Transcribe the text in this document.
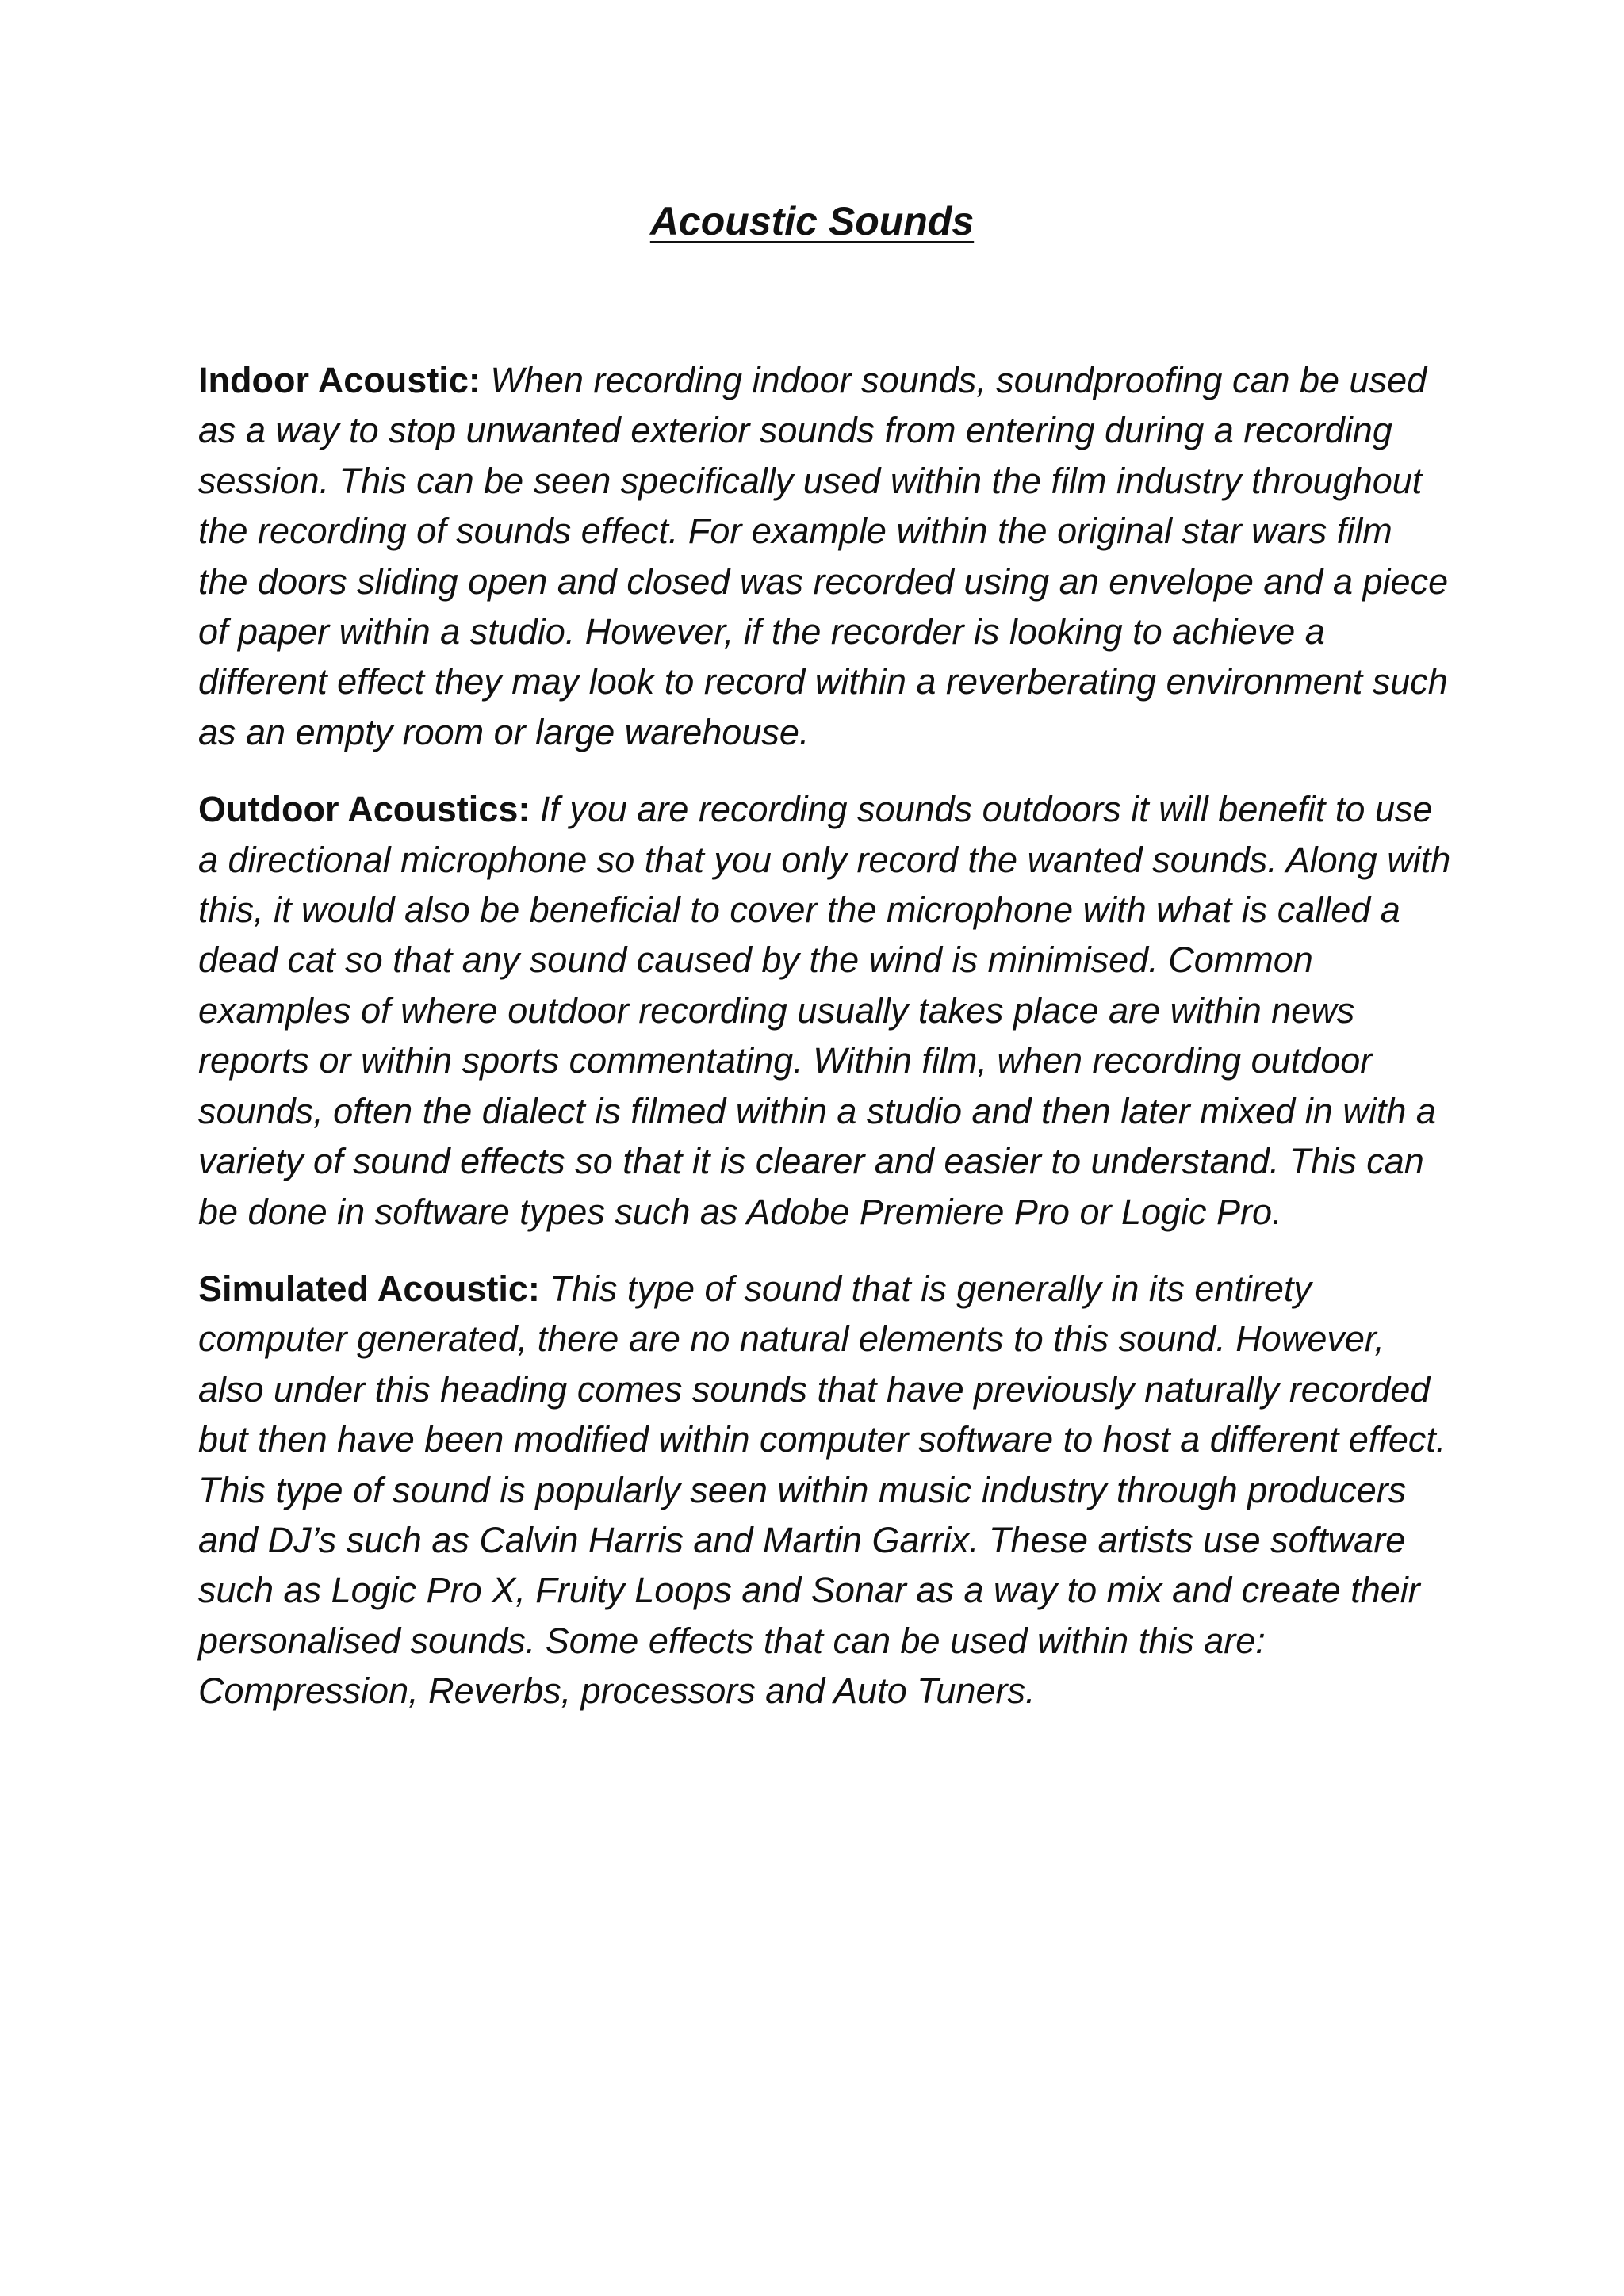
Acoustic Sounds

Indoor Acoustic: When recording indoor sounds, soundproofing can be used as a way to stop unwanted exterior sounds from entering during a recording session. This can be seen specifically used within the film industry throughout the recording of sounds effect. For example within the original star wars film the doors sliding open and closed was recorded using an envelope and a piece of paper within a studio. However, if the recorder is looking to achieve a different effect they may look to record within a reverberating environment such as an empty room or large warehouse.

Outdoor Acoustics: If you are recording sounds outdoors it will benefit to use a directional microphone so that you only record the wanted sounds. Along with this, it would also be beneficial to cover the microphone with what is called a dead cat so that any sound caused by the wind is minimised. Common examples of where outdoor recording usually takes place are within news reports or within sports commentating. Within film, when recording outdoor sounds, often the dialect is filmed within a studio and then later mixed in with a variety of sound effects so that it is clearer and easier to understand. This can be done in software types such as Adobe Premiere Pro or Logic Pro.

Simulated Acoustic: This type of sound that is generally in its entirety computer generated, there are no natural elements to this sound. However, also under this heading comes sounds that have previously naturally recorded but then have been modified within computer software to host a different effect. This type of sound is popularly seen within music industry through producers and DJ’s such as Calvin Harris and Martin Garrix. These artists use software such as Logic Pro X, Fruity Loops and Sonar as a way to mix and create their personalised sounds. Some effects that can be used within this are: Compression, Reverbs, processors and Auto Tuners.
